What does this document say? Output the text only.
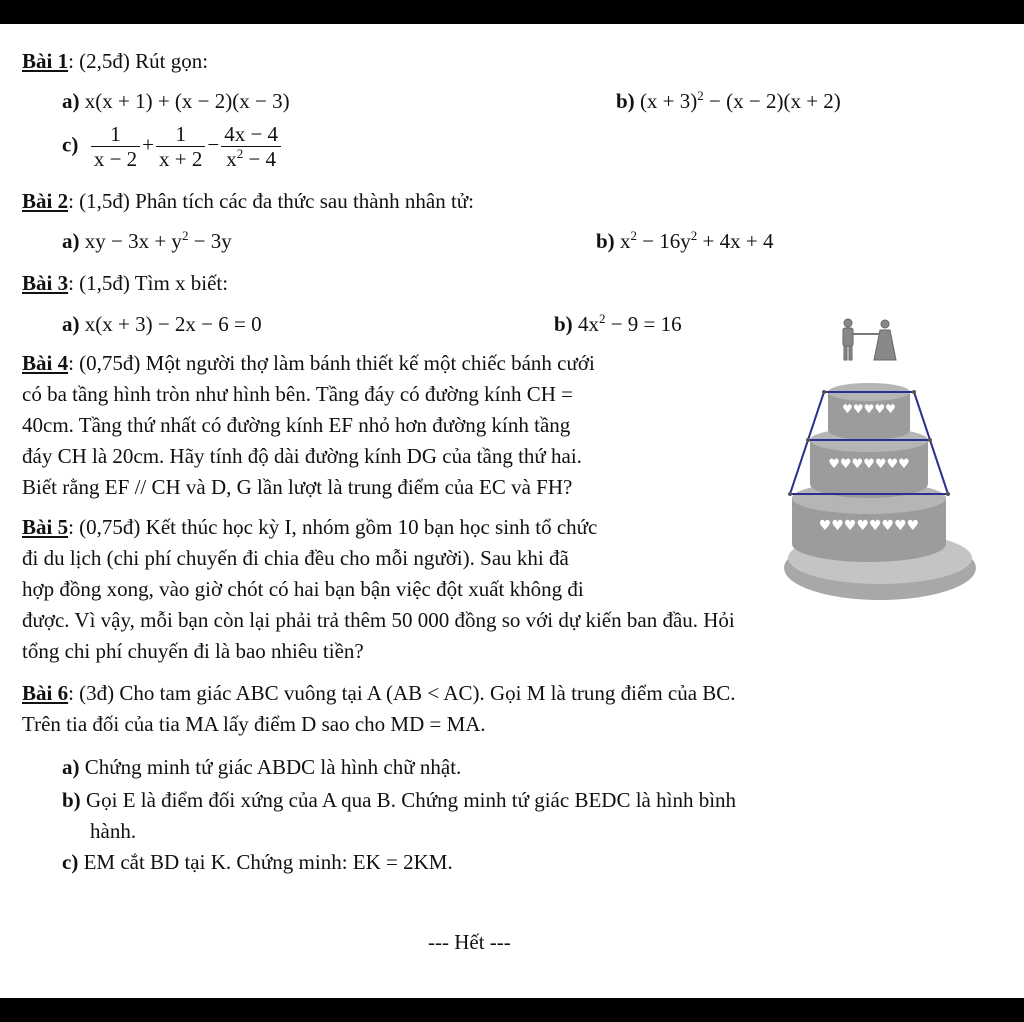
Bài 1: (2,5đ) Rút gọn:
a) x(x + 1) + (x − 2)(x − 3)	b) $(x + 3)^2 - (x - 2)(x + 2)$
$c) \frac{1}{x - 2} + \frac{1}{x + 2} - \frac{4x - 4}{x^2 - 4}$
Bài 2: (1,5đ) Phân tích các đa thức sau thành nhân tử:
a) xy − $3x + y^2 - 3y$	b) $x^2 - 16y^2 + 4x + 4$
Bài 3: (1,5đ) Tìm x biết:
a) x(x + 3) − 2x − 6 = 0	b) $4x^2 - 9 = 16$
Bài 4: (0,75đ) Một người thợ làm bánh thiết kế một chiếc bánh cưới
có ba tầng hình tròn như hình bên. Tầng đáy có đường kính CH =
40cm. Tầng thứ nhất có đường kính EF nhỏ hơn đường kính tầng
đáy CH là 20cm. Hãy tính độ dài đường kính DG của tầng thứ hai.
Biết rằng EF // CH và D, G lần lượt là trung điểm của EC và FH?
Bài 5: (0,75đ) Kết thúc học kỳ I, nhóm gồm 10 bạn học sinh tổ chức
đi du lịch (chi phí chuyến đi chia đều cho mỗi người). Sau khi đã
hợp đồng xong, vào giờ chót có hai bạn bận việc đột xuất không đi
được. Vì vậy, mỗi bạn còn lại phải trả thêm 50 000 đồng so với dự kiến ban đầu. Hỏi
tổng chi phí chuyến đi là bao nhiêu tiền?
Bài 6: (3đ) Cho tam giác ABC vuông tại A (AB < AC). Gọi M là trung điểm của BC.
Trên tia đối của tia MA lấy điểm D sao cho MD = MA.
a) Chứng minh tứ giác ABDC là hình chữ nhật.
b) Gọi E là điểm đối xứng của A qua B. Chứng minh tứ giác BEDC là hình bình
hành.
c) EM cắt BD tại K. Chứng minh: EK = 2KM.
--- Hết ---
♥♥♥♥♥♥♥♥
♥♥♥♥♥♥♥
♥♥♥♥♥
